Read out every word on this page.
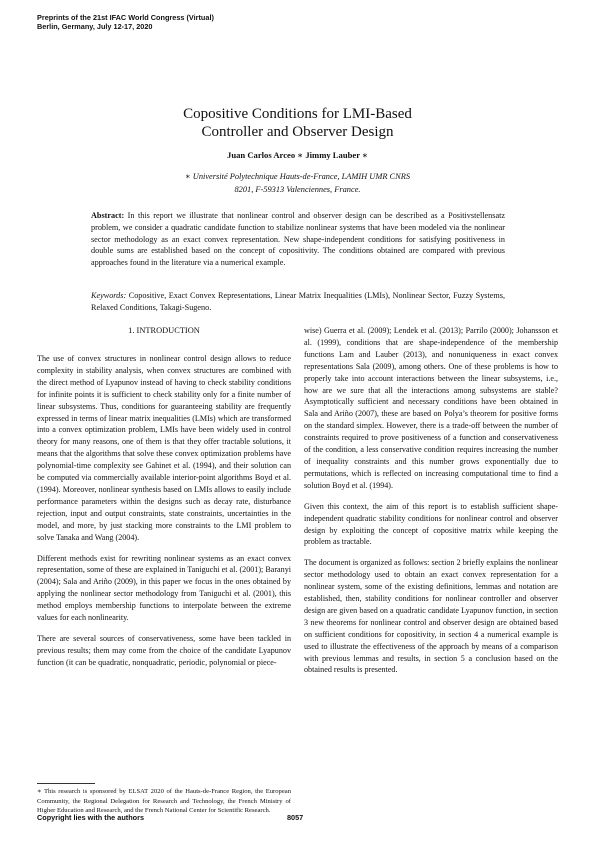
Preprints of the 21st IFAC World Congress (Virtual)
Berlin, Germany, July 12-17, 2020
Copositive Conditions for LMI-Based
Controller and Observer Design
Juan Carlos Arceo ∗ Jimmy Lauber ∗
∗ Université Polytechnique Hauts-de-France, LAMIH UMR CNRS
8201, F-59313 Valenciennes, France.
Abstract: In this report we illustrate that nonlinear control and observer design can be described as a Positivstellensatz problem, we consider a quadratic candidate function to stabilize nonlinear systems that have been modeled via the nonlinear sector methodology as an exact convex representation. New shape-independent conditions for satisfying positiveness in double sums are established based on the concept of copositivity. The conditions obtained are compared with previous approaches found in the literature via a numerical example.
Keywords: Copositive, Exact Convex Representations, Linear Matrix Inequalities (LMIs), Nonlinear Sector, Fuzzy Systems, Relaxed Conditions, Takagi-Sugeno.
1. INTRODUCTION

The use of convex structures in nonlinear control design allows to reduce complexity in stability analysis, when convex structures are combined with the direct method of Lyapunov instead of having to check stability conditions for infinite points it is sufficient to check stability only for a finite number of linear subsystems. Thus, conditions for guaranteeing stability are frequently expressed in terms of linear matrix inequalities (LMIs) which are transformed into a convex optimization problem, LMIs have been widely used in control theory for many reasons, one of them is that they offer tractable solutions, it means that the algorithms that solve these convex optimization problems have polynomial-time complexity see Gahinet et al. (1994), and their solution can be computed via commercially available interior-point algorithms Boyd et al. (1994). Moreover, nonlinear synthesis based on LMIs allows to easily include performance parameters within the designs such as decay rate, disturbance rejection, input and output constraints, state constraints, uncertainties in the model, and more, by just stacking more constraints to the LMI problem to solve Tanaka and Wang (2004).

Different methods exist for rewriting nonlinear systems as an exact convex representation, some of these are explained in Taniguchi et al. (2001); Baranyi (2004); Sala and Ariño (2009), in this paper we focus in the ones obtained by applying the nonlinear sector methodology from Taniguchi et al. (2001), this method employs membership functions to interpolate between the extreme values for each nonlinearity.

There are several sources of conservativeness, some have been tackled in previous results; them may come from the choice of the candidate Lyapunov function (it can be quadratic, nonquadratic, periodic, polynomial or piece-

wise) Guerra et al. (2009); Lendek et al. (2013); Parrilo (2000); Johansson et al. (1999), conditions that are shape-independence of the membership functions Lam and Lauber (2013), and nonuniqueness in exact convex representations Sala (2009), among others. One of these problems is how to properly take into account interactions between the linear subsystems, i.e., how are we sure that all the interactions among subsystems are stable? Asymptotically sufficient and necessary conditions have been obtained in Sala and Ariño (2007), these are based on Polya’s theorem for positive forms on the standard simplex. However, there is a trade-off between the number of constraints required to prove positiveness of a function and conservativeness of the condition, a less conservative condition requires increasing the number of inequality constraints and this number grows exponentially due to permutations, which is reflected on increasing computational time to find a solution Boyd et al. (1994).

Given this context, the aim of this report is to establish sufficient shape-independent quadratic stability conditions for nonlinear control and observer design by exploiting the concept of copositive matrix while keeping the problem as tractable.

The document is organized as follows: section 2 briefly explains the nonlinear sector methodology used to obtain an exact convex representation for a nonlinear system, some of the existing definitions, lemmas and notation are established, then, stability conditions for nonlinear controller and observer design are given based on a quadratic candidate Lyapunov function, in section 3 new theorems for nonlinear control and observer design are obtained based on sufficient conditions for copositivity, in section 4 a numerical example is used to illustrate the effectiveness of the approach by means of a comparison with previous lemmas and results, in section 5 a conclusion based on the obtained results is presented.

∗ This research is sponsored by ELSAT 2020 of the Hauts-de-France Region, the European Community, the Regional Delegation for Research and Technology, the French Ministry of Higher Education and Research, and the French National Center for Scientific Research.
Copyright lies with the authors	8057
